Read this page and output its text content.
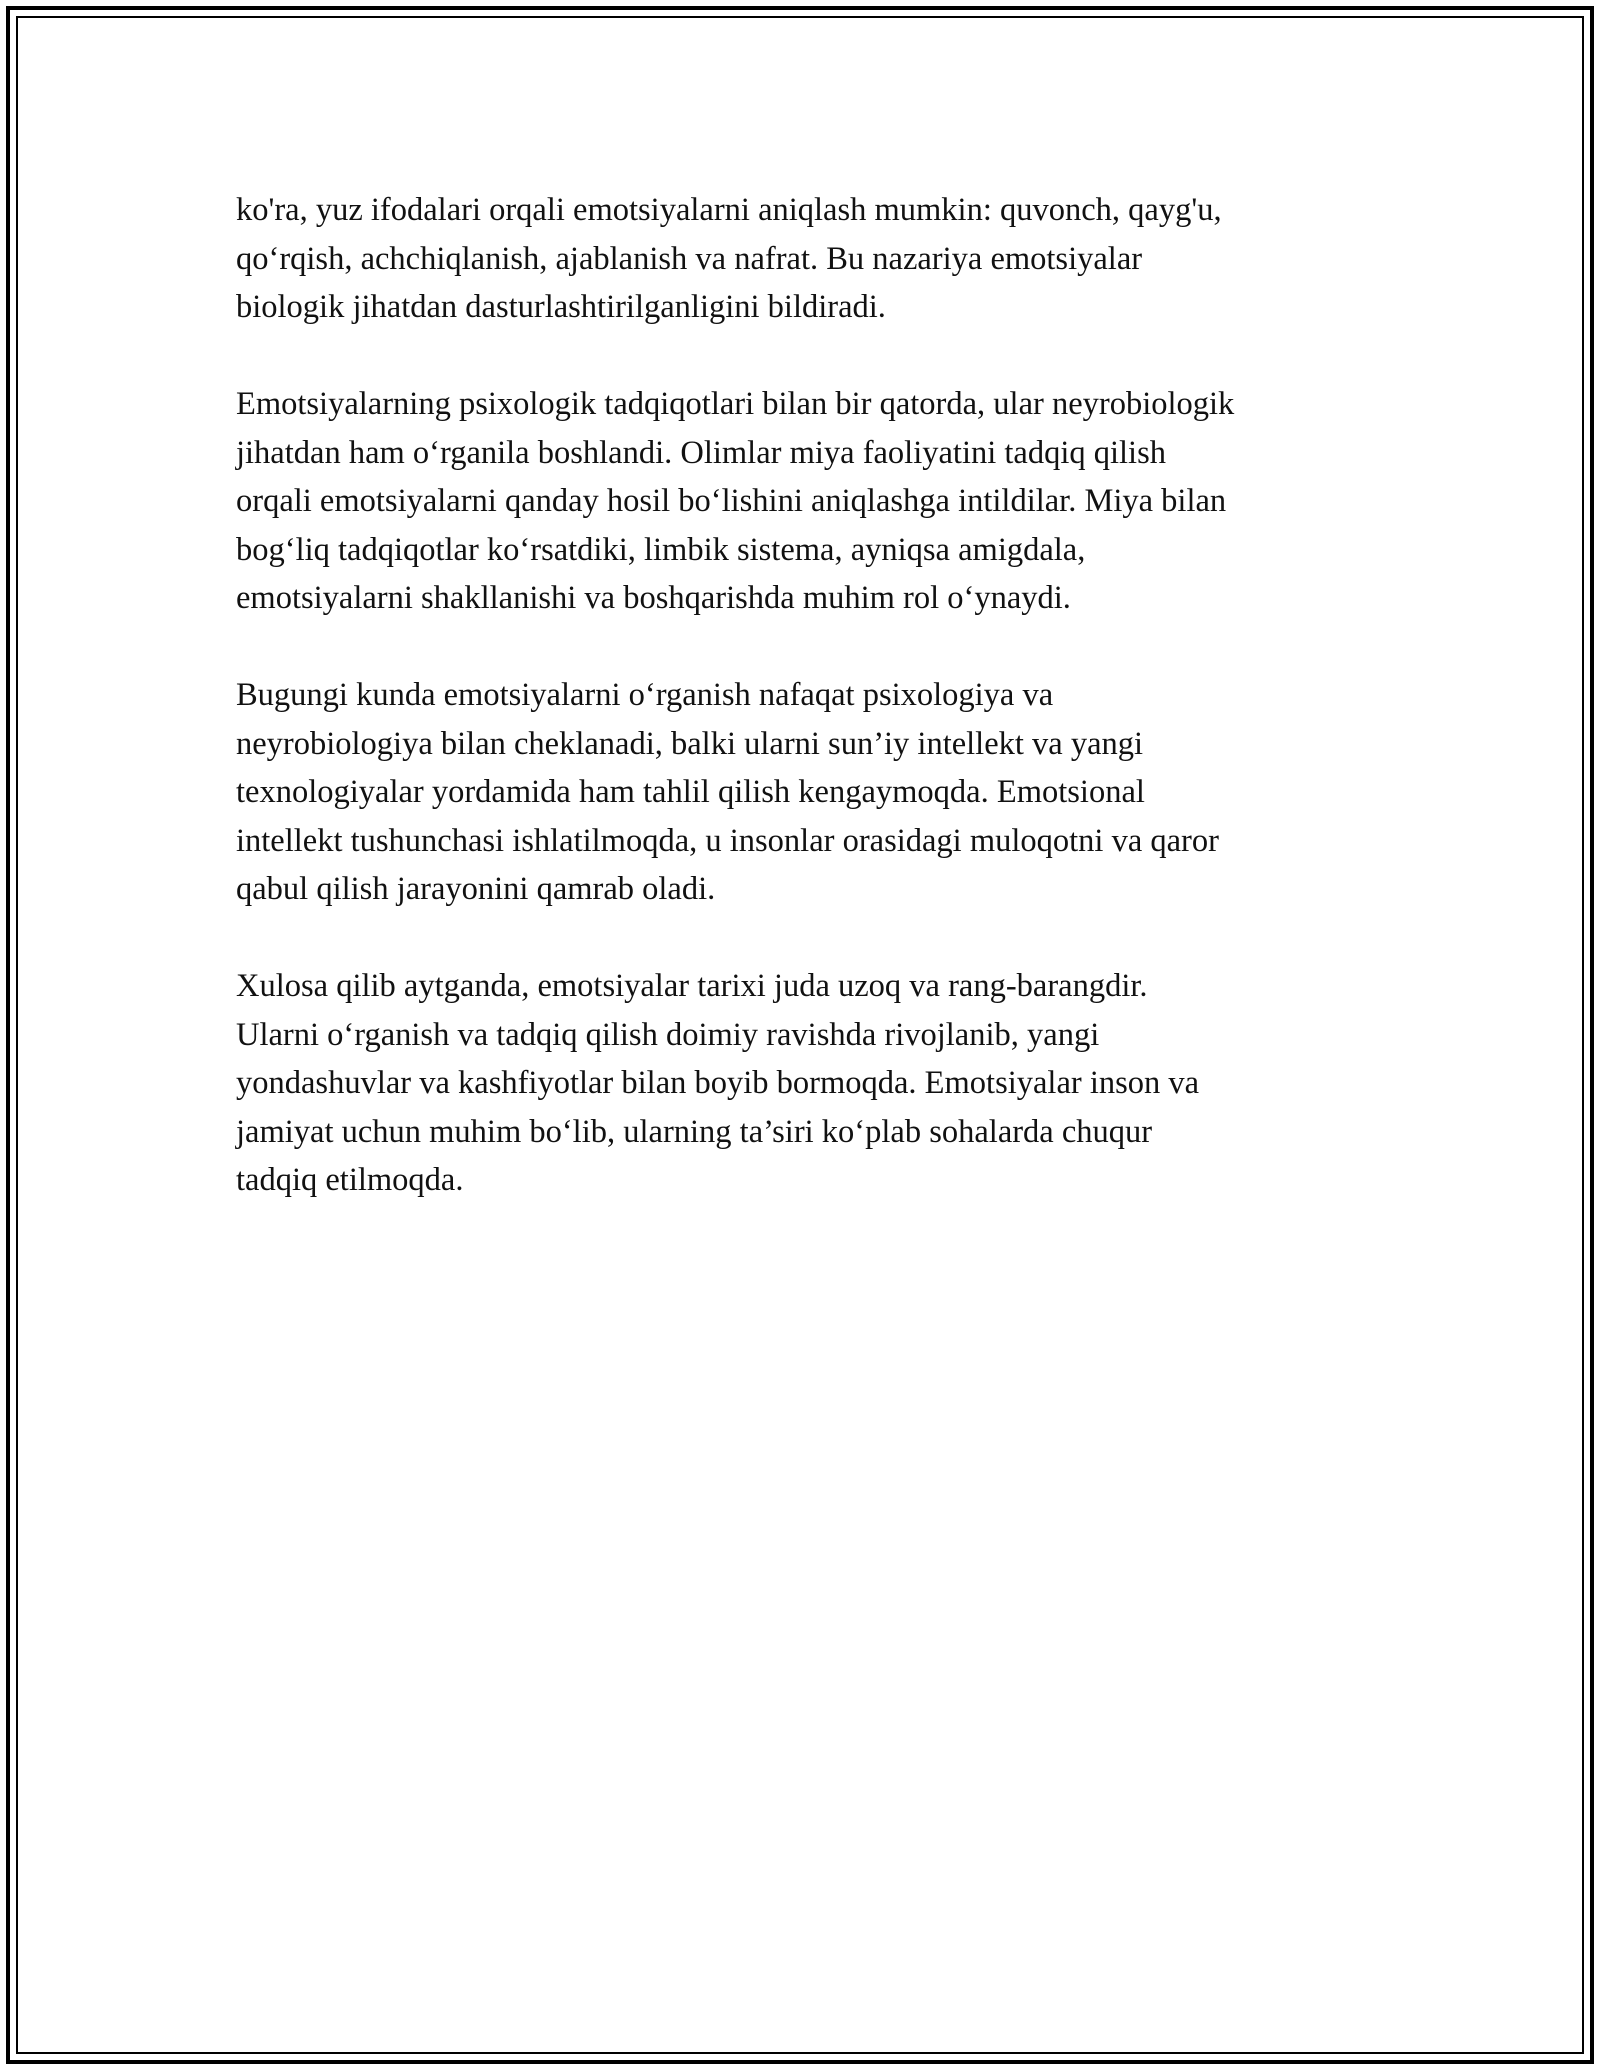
ko'ra, yuz ifodalari orqali emotsiyalarni aniqlash mumkin: quvonch, qayg'u,
qo‘rqish, achchiqlanish, ajablanish va nafrat. Bu nazariya emotsiyalar
biologik jihatdan dasturlashtirilganligini bildiradi.

Emotsiyalarning psixologik tadqiqotlari bilan bir qatorda, ular neyrobiologik
jihatdan ham o‘rganila boshlandi. Olimlar miya faoliyatini tadqiq qilish
orqali emotsiyalarni qanday hosil bo‘lishini aniqlashga intildilar. Miya bilan
bog‘liq tadqiqotlar ko‘rsatdiki, limbik sistema, ayniqsa amigdala,
emotsiyalarni shakllanishi va boshqarishda muhim rol o‘ynaydi.

Bugungi kunda emotsiyalarni o‘rganish nafaqat psixologiya va
neyrobiologiya bilan cheklanadi, balki ularni sun’iy intellekt va yangi
texnologiyalar yordamida ham tahlil qilish kengaymoqda. Emotsional
intellekt tushunchasi ishlatilmoqda, u insonlar orasidagi muloqotni va qaror
qabul qilish jarayonini qamrab oladi.

Xulosa qilib aytganda, emotsiyalar tarixi juda uzoq va rang-barangdir.
Ularni o‘rganish va tadqiq qilish doimiy ravishda rivojlanib, yangi
yondashuvlar va kashfiyotlar bilan boyib bormoqda. Emotsiyalar inson va
jamiyat uchun muhim bo‘lib, ularning ta’siri ko‘plab sohalarda chuqur
tadqiq etilmoqda.
